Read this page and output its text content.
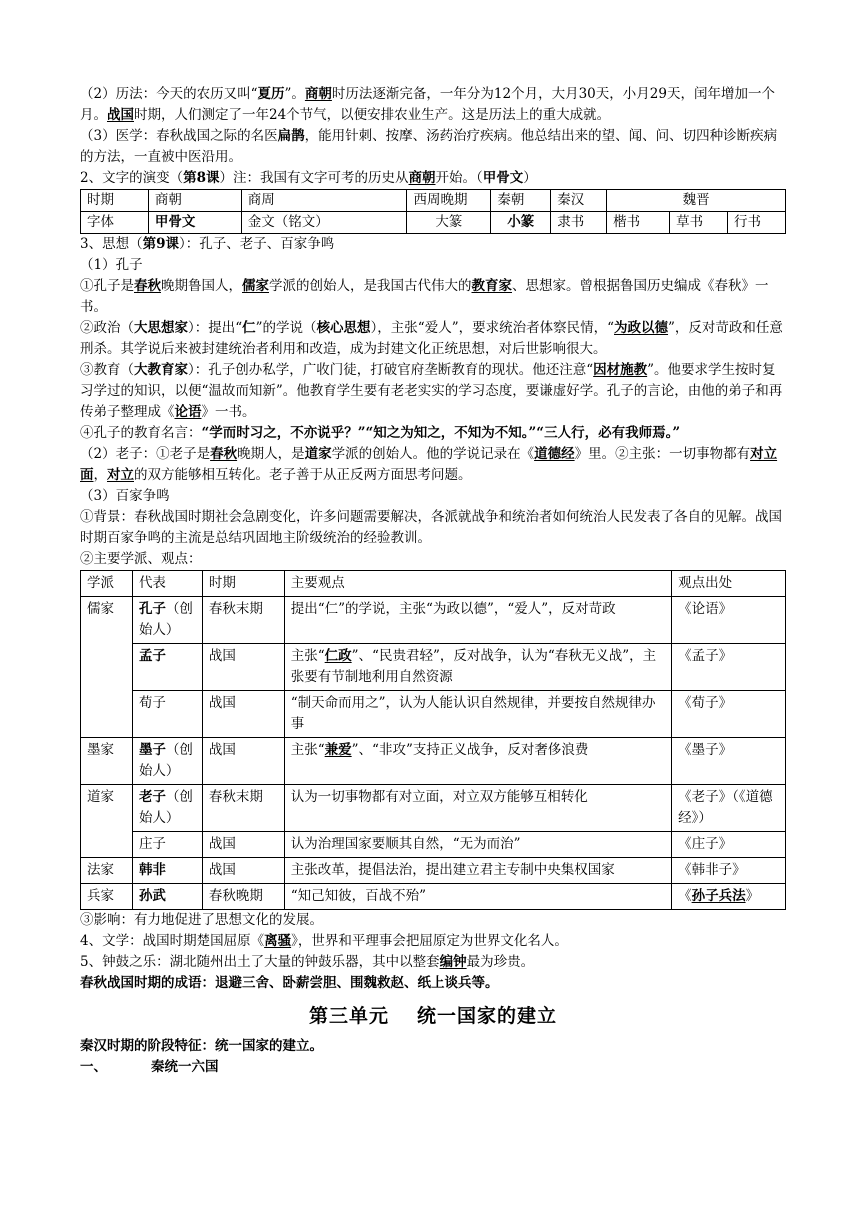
（2）历法：今天的农历又叫“夏历”。商朝时历法逐渐完备，一年分为12个月，大月30天，小月29天，闰年增加一个月。战国时期，人们测定了一年24个节气，以便安排农业生产。这是历法上的重大成就。

（3）医学：春秋战国之际的名医扁鹊，能用针刺、按摩、汤药治疗疾病。他总结出来的望、闻、问、切四种诊断疾病的方法，一直被中医沿用。

2、文字的演变（第8课）注：我国有文字可考的历史从商朝开始。（甲骨文）

时期	商朝	商周	西周晚期	秦朝	秦汉	魏晋		
字体	甲骨文	金文（铭文）	大篆	小篆	隶书	楷书	草书	行书

3、思想（第9课）：孔子、老子、百家争鸣

（1）孔子

①孔子是春秋晚期鲁国人，儒家学派的创始人，是我国古代伟大的教育家、思想家。曾根据鲁国历史编成《春秋》一书。

②政治（大思想家）：提出“仁”的学说（核心思想），主张“爱人”，要求统治者体察民情，“为政以德”，反对苛政和任意刑杀。其学说后来被封建统治者利用和改造，成为封建文化正统思想，对后世影响很大。

③教育（大教育家）：孔子创办私学，广收门徒，打破官府垄断教育的现状。他还注意“因材施教”。他要求学生按时复习学过的知识，以便“温故而知新”。他教育学生要有老老实实的学习态度，要谦虚好学。孔子的言论，由他的弟子和再传弟子整理成《论语》一书。

④孔子的教育名言：“学而时习之，不亦说乎？”“知之为知之，不知为不知。”“三人行，必有我师焉。”

（2）老子：①老子是春秋晚期人，是道家学派的创始人。他的学说记录在《道德经》里。②主张：一切事物都有对立面，对立的双方能够相互转化。老子善于从正反两方面思考问题。

（3）百家争鸣

①背景：春秋战国时期社会急剧变化，许多问题需要解决，各派就战争和统治者如何统治人民发表了各自的见解。战国时期百家争鸣的主流是总结巩固地主阶级统治的经验教训。

②主要学派、观点：

学派	代表	时期	主要观点	观点出处
儒家	孔子（创始人）	春秋末期	提出“仁”的学说，主张“为政以德”，“爱人”，反对苛政	《论语》
	孟子	战国	主张“仁政”、“民贵君轻”，反对战争，认为“春秋无义战”，主张要有节制地利用自然资源	《孟子》
	荀子	战国	“制天命而用之”，认为人能认识自然规律，并要按自然规律办事	《荀子》
墨家	墨子（创始人）	战国	主张“兼爱”、“非攻”支持正义战争，反对奢侈浪费	《墨子》
道家	老子（创始人）	春秋末期	认为一切事物都有对立面，对立双方能够互相转化	《老子》（《道德经》）
	庄子	战国	认为治理国家要顺其自然，“无为而治”	《庄子》
法家	韩非	战国	主张改革，提倡法治，提出建立君主专制中央集权国家	《韩非子》
兵家	孙武	春秋晚期	“知己知彼，百战不殆”	《孙子兵法》

③影响：有力地促进了思想文化的发展。

4、文学：战国时期楚国屈原《离骚》，世界和平理事会把屈原定为世界文化名人。

5、钟鼓之乐：湖北随州出土了大量的钟鼓乐器，其中以整套编钟最为珍贵。

春秋战国时期的成语：退避三舍、卧薪尝胆、围魏救赵、纸上谈兵等。

第三单元 统一国家的建立

秦汉时期的阶段特征：统一国家的建立。

一、	秦统一六国
